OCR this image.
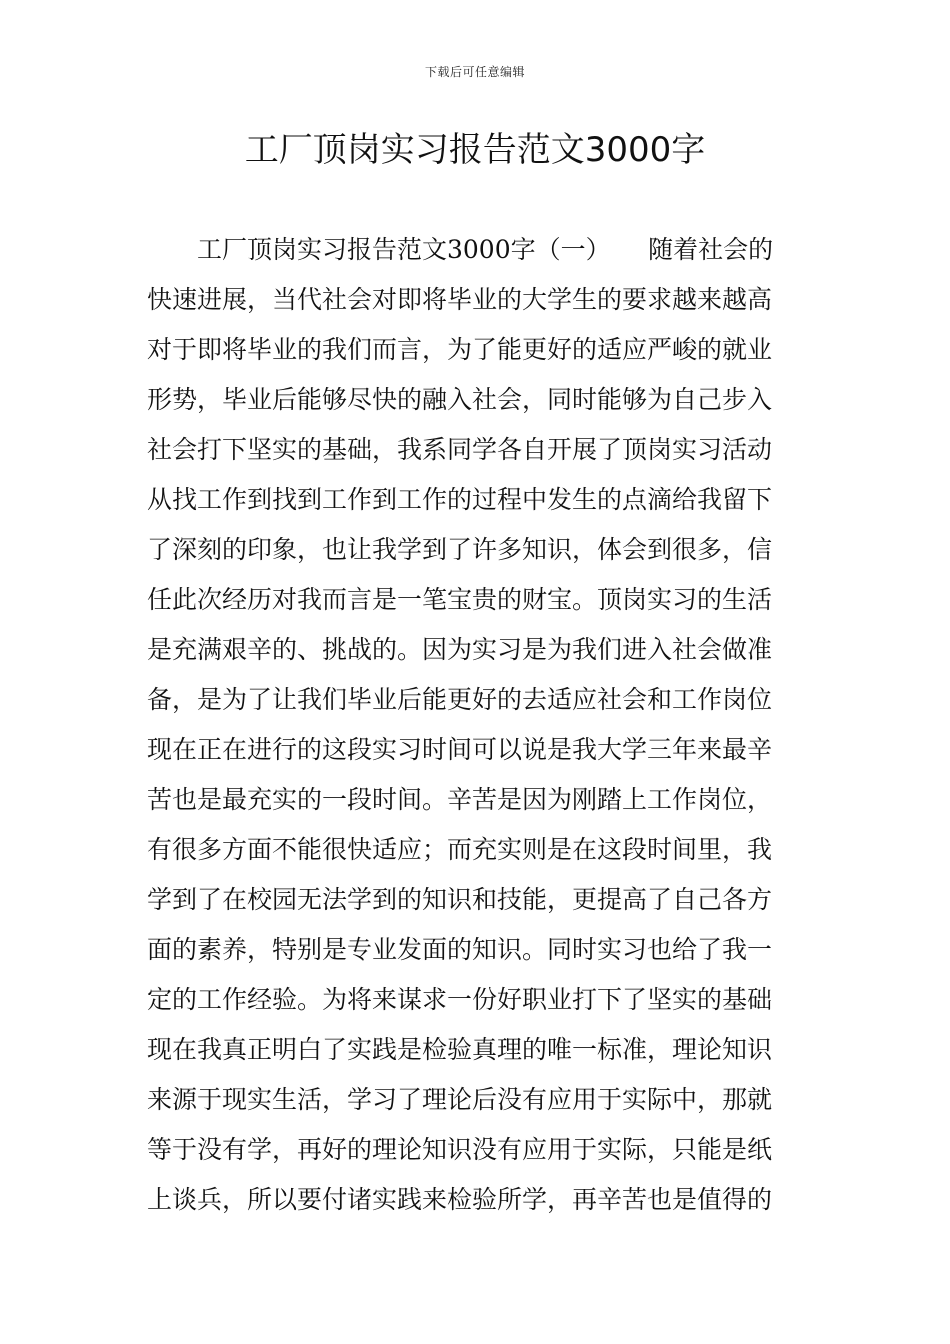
下载后可任意编辑
工厂顶岗实习报告范文3000字
工厂顶岗实习报告范文3000字（一）　　随着社会的
快速进展，当代社会对即将毕业的大学生的要求越来越高
对于即将毕业的我们而言，为了能更好的适应严峻的就业
形势，毕业后能够尽快的融入社会，同时能够为自己步入
社会打下坚实的基础，我系同学各自开展了顶岗实习活动
从找工作到找到工作到工作的过程中发生的点滴给我留下
了深刻的印象，也让我学到了许多知识，体会到很多，信
任此次经历对我而言是一笔宝贵的财宝。顶岗实习的生活
是充满艰辛的、挑战的。因为实习是为我们进入社会做准
备，是为了让我们毕业后能更好的去适应社会和工作岗位
现在正在进行的这段实习时间可以说是我大学三年来最辛
苦也是最充实的一段时间。辛苦是因为刚踏上工作岗位，
有很多方面不能很快适应；而充实则是在这段时间里，我
学到了在校园无法学到的知识和技能，更提高了自己各方
面的素养，特别是专业发面的知识。同时实习也给了我一
定的工作经验。为将来谋求一份好职业打下了坚实的基础
现在我真正明白了实践是检验真理的唯一标准，理论知识
来源于现实生活，学习了理论后没有应用于实际中，那就
等于没有学，再好的理论知识没有应用于实际，只能是纸
上谈兵，所以要付诸实践来检验所学，再辛苦也是值得的
